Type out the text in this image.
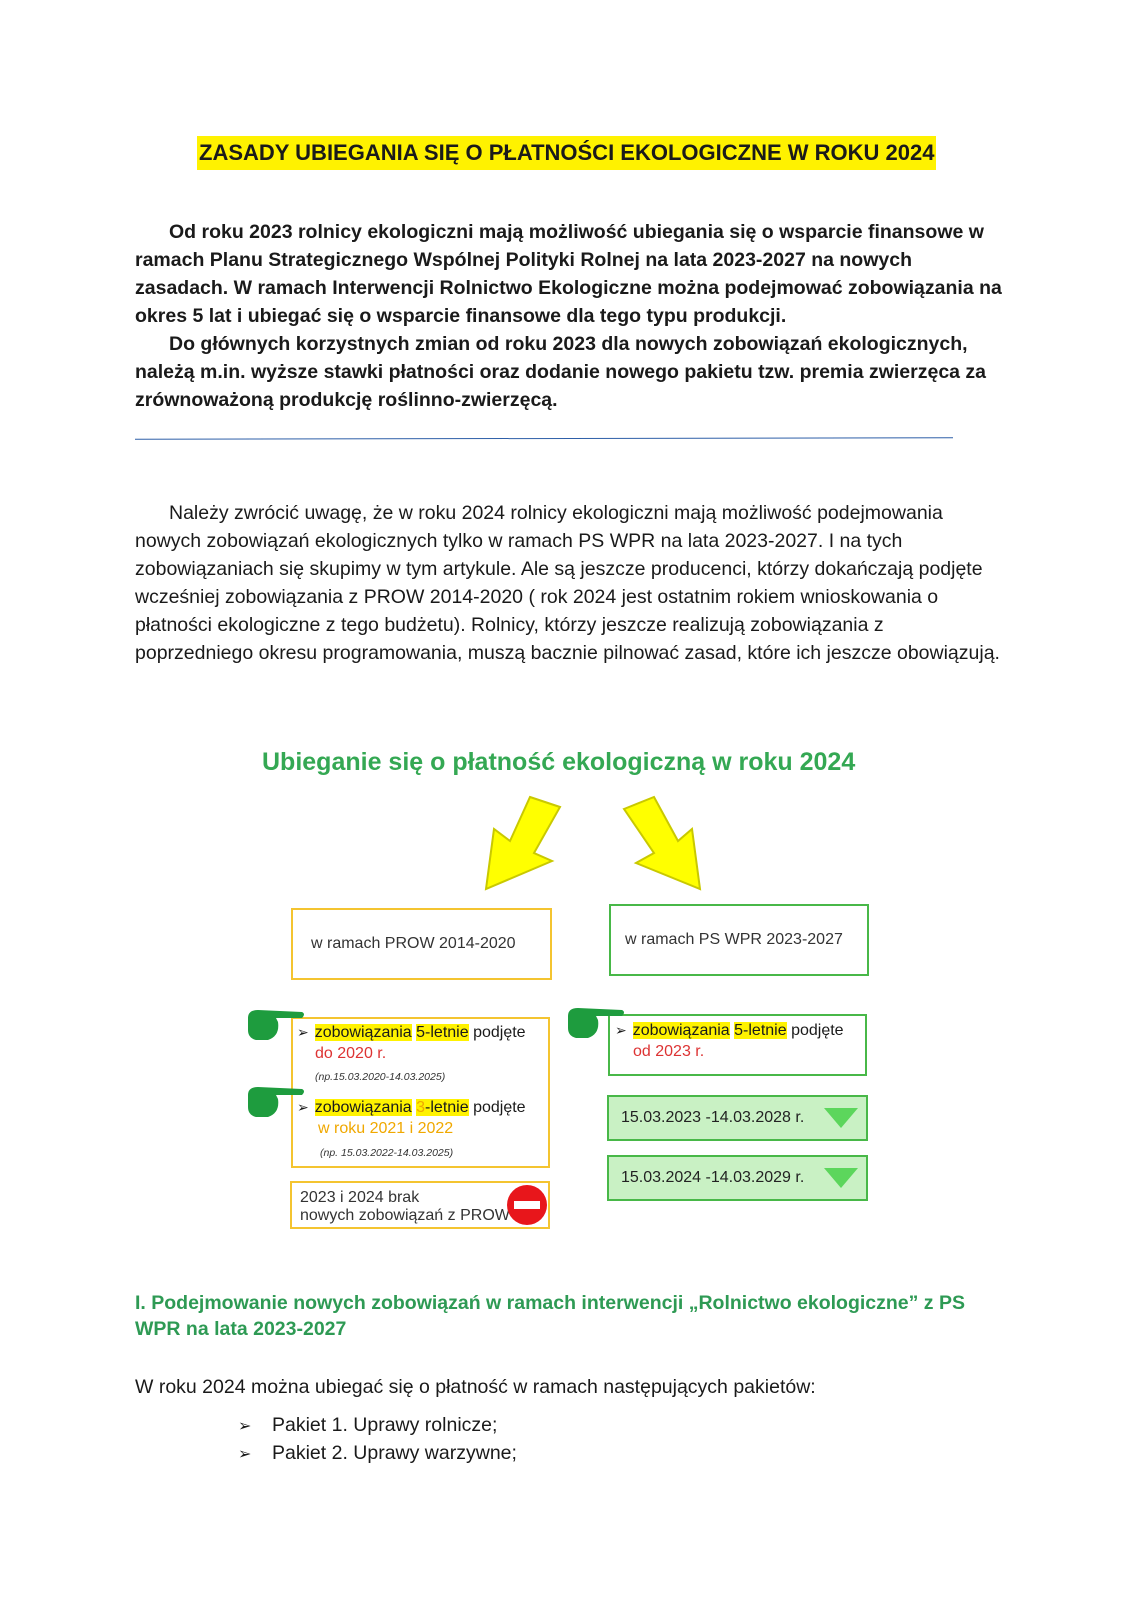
ZASADY UBIEGANIA SIĘ O PŁATNOŚCI EKOLOGICZNE W ROKU 2024

Od roku 2023 rolnicy ekologiczni mają możliwość ubiegania się o wsparcie finansowe w ramach Planu Strategicznego Wspólnej Polityki Rolnej na lata 2023-2027 na nowych zasadach. W ramach Interwencji Rolnictwo Ekologiczne można podejmować zobowiązania na okres 5 lat i ubiegać się o wsparcie finansowe dla tego typu produkcji.

Do głównych korzystnych zmian od roku 2023 dla nowych zobowiązań ekologicznych, należą m.in. wyższe stawki płatności oraz dodanie nowego pakietu tzw. premia zwierzęca za zrównoważoną produkcję roślinno-zwierzęcą.

Należy zwrócić uwagę, że w roku 2024 rolnicy ekologiczni mają możliwość podejmowania nowych zobowiązań ekologicznych tylko w ramach PS WPR na lata 2023-2027. I na tych zobowiązaniach się skupimy w tym artykule. Ale są jeszcze producenci, którzy dokańczają podjęte wcześniej zobowiązania z PROW 2014-2020 ( rok 2024 jest ostatnim rokiem wnioskowania o płatności ekologiczne z tego budżetu). Rolnicy, którzy jeszcze realizują zobowiązania z poprzedniego okresu programowania, muszą bacznie pilnować zasad, które ich jeszcze obowiązują.

Ubieganie się o płatność ekologiczną w roku 2024
w ramach PROW 2014-2020	w ramach PS WPR 2023-2027
➢ zobowiązania 5-letnie podjęte
do 2020 r.
(np.15.03.2020-14.03.2025)
➢ zobowiązania 3-letnie podjęte
w roku 2021 i 2022
(np. 15.03.2022-14.03.2025)
2023 i 2024 brak
nowych zobowiązań z PROW
➢ zobowiązania 5-letnie podjęte
od 2023 r.
15.03.2023 -14.03.2028 r.
15.03.2024 -14.03.2029 r.
I. Podejmowanie nowych zobowiązań w ramach interwencji „Rolnictwo ekologiczne” z PS WPR na lata 2023-2027
W roku 2024 można ubiegać się o płatność w ramach następujących pakietów:
➢ Pakiet 1. Uprawy rolnicze;
➢ Pakiet 2. Uprawy warzywne;
